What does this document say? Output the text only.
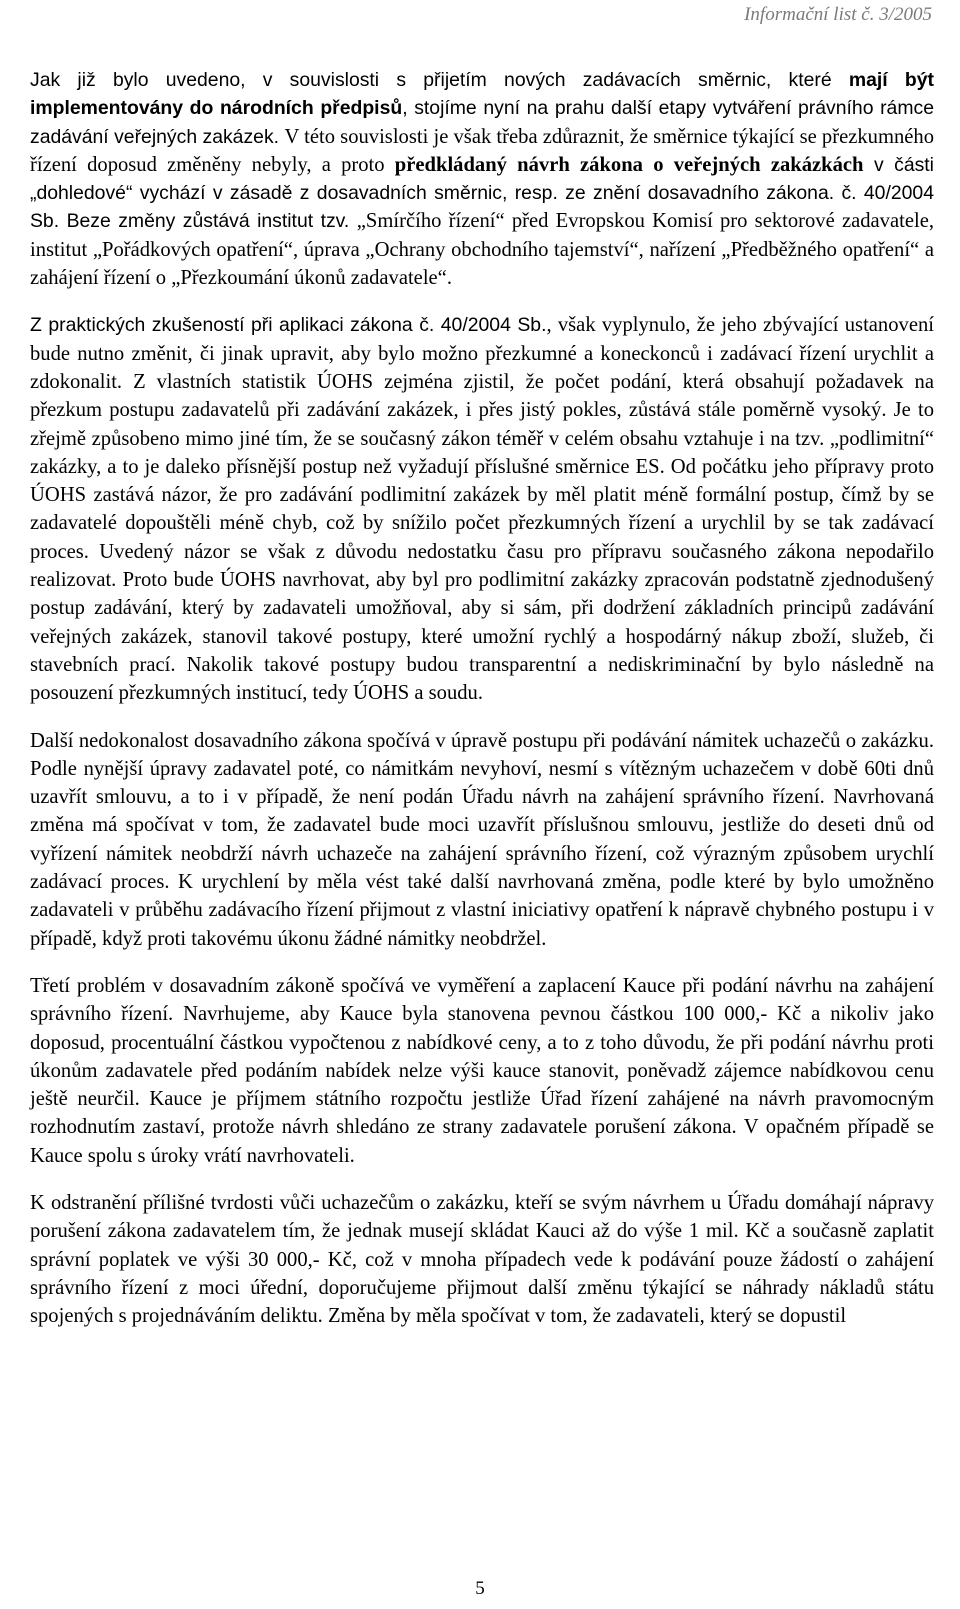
Informační list č. 3/2005

Jak již bylo uvedeno, v souvislosti s přijetím nových zadávacích směrnic, které mají být implementovány do národních předpisů, stojíme nyní na prahu další etapy vytváření právního rámce zadávání veřejných zakázek. V této souvislosti je však třeba zdůraznit, že směrnice týkající se přezkumného řízení doposud změněny nebyly, a proto předkládaný návrh zákona o veřejných zakázkách v části „dohledové“ vychází v zásadě z dosavadních směrnic, resp. ze znění dosavadního zákona. č. 40/2004 Sb. Beze změny zůstává institut tzv. „Smírčího řízení“ před Evropskou Komisí pro sektorové zadavatele, institut „Pořádkových opatření“, úprava „Ochrany obchodního tajemství“, nařízení „Předběžného opatření“ a zahájení řízení o „Přezkoumání úkonů zadavatele“.

Z praktických zkušeností při aplikaci zákona č. 40/2004 Sb., však vyplynulo, že jeho zbývající ustanovení bude nutno změnit, či jinak upravit, aby bylo možno přezkumné a koneckonců i zadávací řízení urychlit a zdokonalit. Z vlastních statistik ÚOHS zejména zjistil, že počet podání, která obsahují požadavek na přezkum postupu zadavatelů při zadávání zakázek, i přes jistý pokles, zůstává stále poměrně vysoký. Je to zřejmě způsobeno mimo jiné tím, že se současný zákon téměř v celém obsahu vztahuje i na tzv. „podlimitní“ zakázky, a to je daleko přísnější postup než vyžadují příslušné směrnice ES. Od počátku jeho přípravy proto ÚOHS zastává názor, že pro zadávání podlimitní zakázek by měl platit méně formální postup, čímž by se zadavatelé dopouštěli méně chyb, což by snížilo počet přezkumných řízení a urychlil by se tak zadávací proces. Uvedený názor se však z důvodu nedostatku času pro přípravu současného zákona nepodařilo realizovat. Proto bude ÚOHS navrhovat, aby byl pro podlimitní zakázky zpracován podstatně zjednodušený postup zadávání, který by zadavateli umožňoval, aby si sám, při dodržení základních principů zadávání veřejných zakázek, stanovil takové postupy, které umožní rychlý a hospodárný nákup zboží, služeb, či stavebních prací. Nakolik takové postupy budou transparentní a nediskriminační by bylo následně na posouzení přezkumných institucí, tedy ÚOHS a soudu.

Další nedokonalost dosavadního zákona spočívá v úpravě postupu při podávání námitek uchazečů o zakázku. Podle nynější úpravy zadavatel poté, co námitkám nevyhoví, nesmí s vítězným uchazečem v době 60ti dnů uzavřít smlouvu, a to i v případě, že není podán Úřadu návrh na zahájení správního řízení. Navrhovaná změna má spočívat v tom, že zadavatel bude moci uzavřít příslušnou smlouvu, jestliže do deseti dnů od vyřízení námitek neobdrží návrh uchazeče na zahájení správního řízení, což výrazným způsobem urychlí zadávací proces. K urychlení by měla vést také další navrhovaná změna, podle které by bylo umožněno zadavateli v průběhu zadávacího řízení přijmout z vlastní iniciativy opatření k nápravě chybného postupu i v případě, když proti takovému úkonu žádné námitky neobdržel.

Třetí problém v dosavadním zákoně spočívá ve vyměření a zaplacení Kauce při podání návrhu na zahájení správního řízení. Navrhujeme, aby Kauce byla stanovena pevnou částkou 100 000,- Kč a nikoliv jako doposud, procentuální částkou vypočtenou z nabídkové ceny, a to z toho důvodu, že při podání návrhu proti úkonům zadavatele před podáním nabídek nelze výši kauce stanovit, poněvadž zájemce nabídkovou cenu ještě neurčil. Kauce je příjmem státního rozpočtu jestliže Úřad řízení zahájené na návrh pravomocným rozhodnutím zastaví, protože návrh shledáno ze strany zadavatele porušení zákona. V opačném případě se Kauce spolu s úroky vrátí navrhovateli.

K odstranění přílišné tvrdosti vůči uchazečům o zakázku, kteří se svým návrhem u Úřadu domáhají nápravy porušení zákona zadavatelem tím, že jednak musejí skládat Kauci až do výše 1 mil. Kč a současně zaplatit správní poplatek ve výši 30 000,- Kč, což v mnoha případech vede k podávání pouze žádostí o zahájení správního řízení z moci úřední, doporučujeme přijmout další změnu týkající se náhrady nákladů státu spojených s projednáváním deliktu. Změna by měla spočívat v tom, že zadavateli, který se dopustil

5
